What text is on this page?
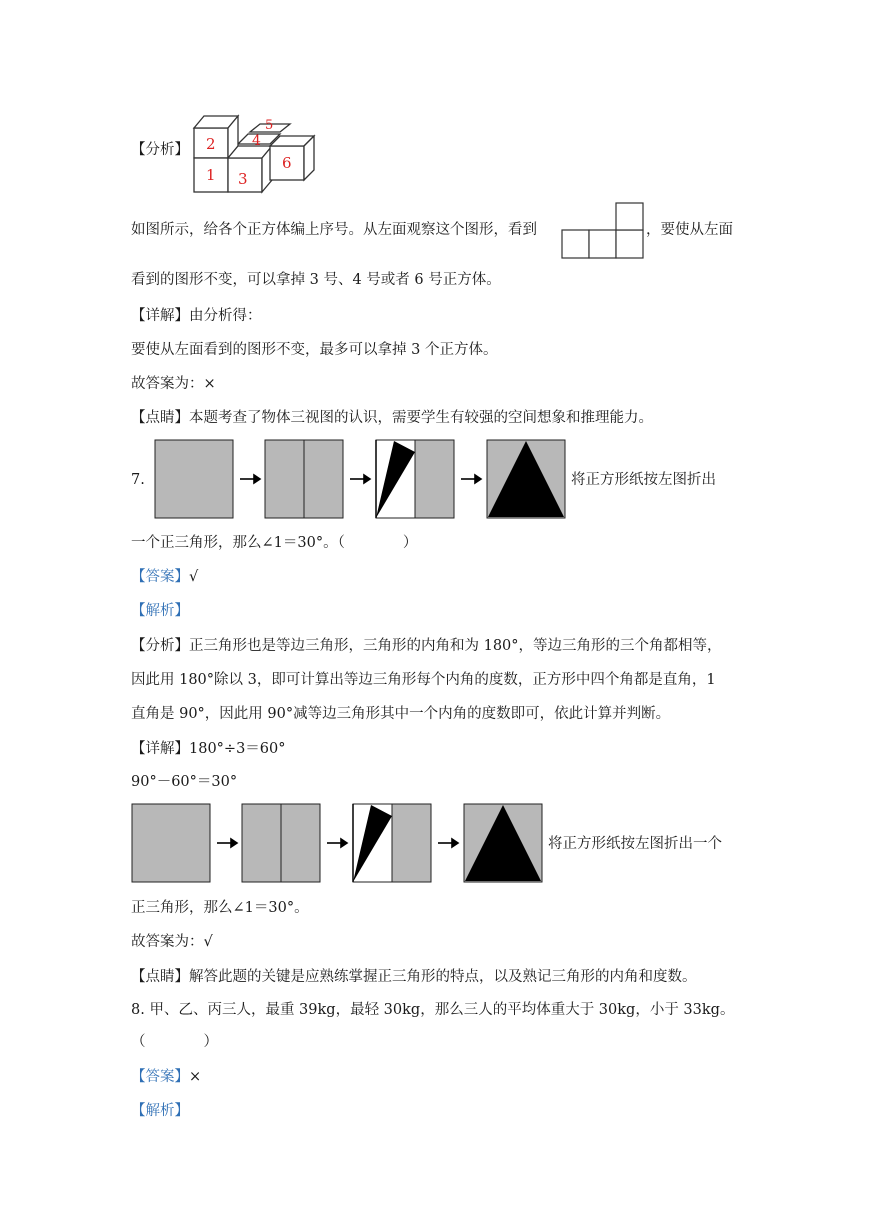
【分析】 2
1 3
5
4
6
如图所示，给各个正方体编上序号。从左面观察这个图形，看到	，要使从左面
看到的图形不变，可以拿掉 3 号、4 号或者 6 号正方体。
【详解】由分析得：
要使从左面看到的图形不变，最多可以拿掉 3 个正方体。
故答案为：×
【点睛】本题考查了物体三视图的认识，需要学生有较强的空间想象和推理能力。
7.	将正方形纸按左图折出
一个正三角形，那么∠1＝30°。（　　　　）
【答案】√
【解析】
【分析】正三角形也是等边三角形，三角形的内角和为 180°，等边三角形的三个角都相等，
因此用 180°除以 3，即可计算出等边三角形每个内角的度数，正方形中四个角都是直角，1
直角是 90°，因此用 90°减等边三角形其中一个内角的度数即可，依此计算并判断。
【详解】180°÷3＝60°
90°－60°＝30°
将正方形纸按左图折出一个
正三角形，那么∠1＝30°。
故答案为：√
【点睛】解答此题的关键是应熟练掌握正三角形的特点，以及熟记三角形的内角和度数。
8. 甲、乙、丙三人，最重 39kg，最轻 30kg，那么三人的平均体重大于 30kg，小于 33kg。
（　　　　）
【答案】×
【解析】
